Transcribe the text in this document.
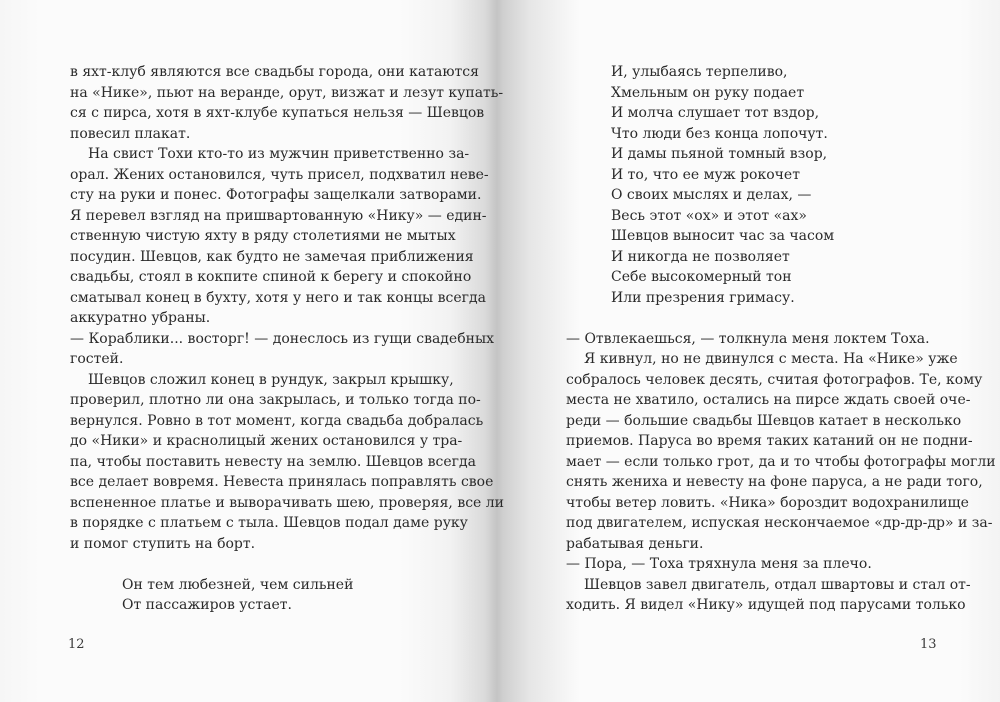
в яхт-клуб являются все свадьбы города, они катаются
на «Нике», пьют на веранде, орут, визжат и лезут купать-
ся с пирса, хотя в яхт-клубе купаться нельзя — Шевцов
повесил плакат.
На свист Тохи кто-то из мужчин приветственно за-
орал. Жених остановился, чуть присел, подхватил неве-
сту на руки и понес. Фотографы защелкали затворами.
Я перевел взгляд на пришвартованную «Нику» — един-
ственную чистую яхту в ряду столетиями не мытых
посудин. Шевцов, как будто не замечая приближения
свадьбы, стоял в кокпите спиной к берегу и спокойно
сматывал конец в бухту, хотя у него и так концы всегда
аккуратно убраны.
— Кораблики... восторг! — донеслось из гущи свадебных
гостей.
Шевцов сложил конец в рундук, закрыл крышку,
проверил, плотно ли она закрылась, и только тогда по-
вернулся. Ровно в тот момент, когда свадьба добралась
до «Ники» и краснолицый жених остановился у тра-
па, чтобы поставить невесту на землю. Шевцов всегда
все делает вовремя. Невеста принялась поправлять свое
вспененное платье и выворачивать шею, проверяя, все ли
в порядке с платьем с тыла. Шевцов подал даме руку
и помог ступить на борт.
Он тем любезней, чем сильней
От пассажиров устает.
12
И, улыбаясь терпеливо,
Хмельным он руку подает
И молча слушает тот вздор,
Что люди без конца лопочут.
И дамы пьяной томный взор,
И то, что ее муж рокочет
О своих мыслях и делах, —
Весь этот «ох» и этот «ах»
Шевцов выносит час за часом
И никогда не позволяет
Себе высокомерный тон
Или презрения гримасу.
— Отвлекаешься, — толкнула меня локтем Тоха.
Я кивнул, но не двинулся с места. На «Нике» уже
собралось человек десять, считая фотографов. Те, кому
места не хватило, остались на пирсе ждать своей оче-
реди — большие свадьбы Шевцов катает в несколько
приемов. Паруса во время таких катаний он не подни-
мает — если только грот, да и то чтобы фотографы могли
снять жениха и невесту на фоне паруса, а не ради того,
чтобы ветер ловить. «Ника» бороздит водохранилище
под двигателем, испуская нескончаемое «др-др-др» и за-
рабатывая деньги.
— Пора, — Тоха тряхнула меня за плечо.
Шевцов завел двигатель, отдал швартовы и стал от-
ходить. Я видел «Нику» идущей под парусами только
13
